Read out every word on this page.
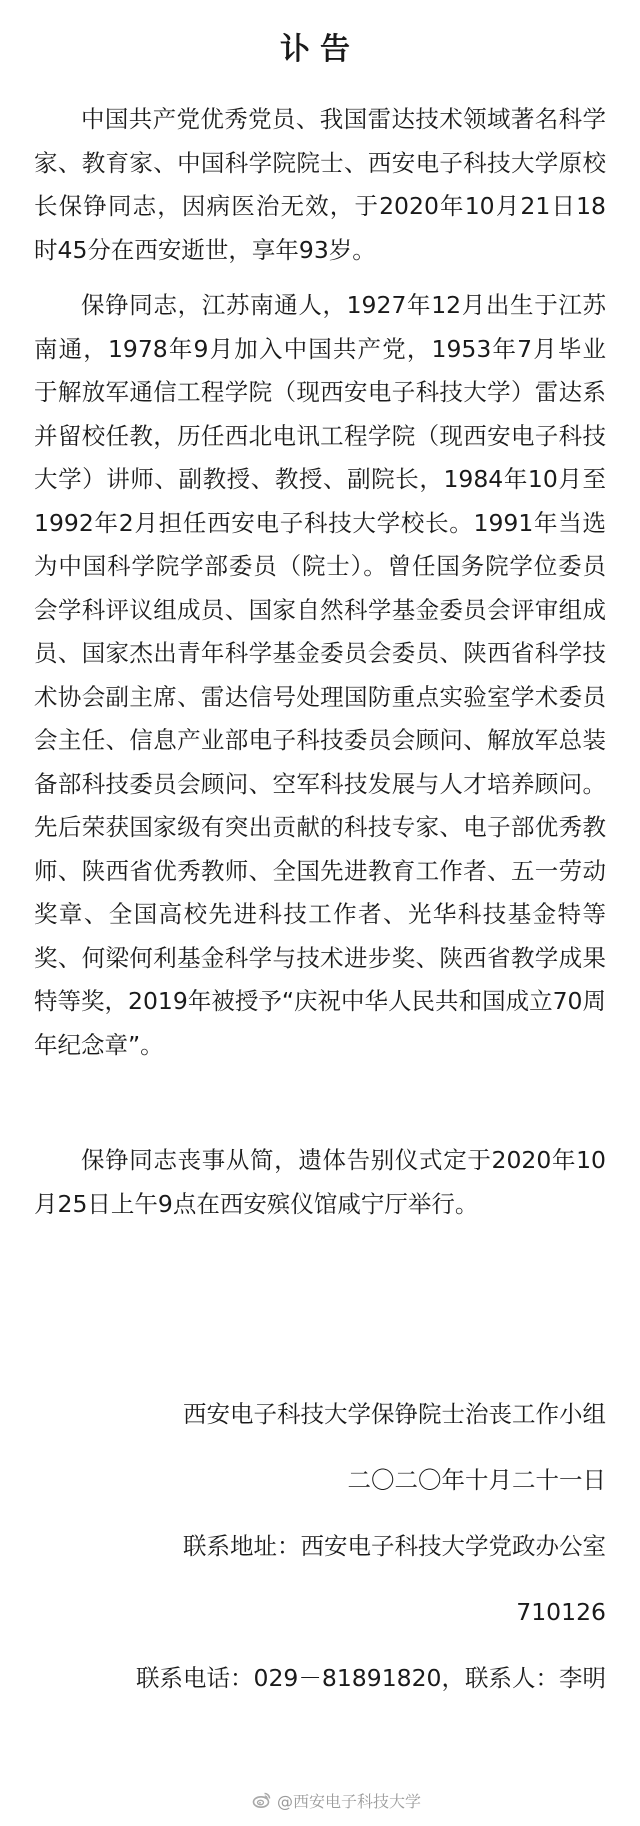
讣告

中国共产党优秀党员、我国雷达技术领域著名科学家、教育家、中国科学院院士、西安电子科技大学原校长保铮同志，因病医治无效，于2020年10月21日18时45分在西安逝世，享年93岁。

保铮同志，江苏南通人，1927年12月出生于江苏南通，1978年9月加入中国共产党，1953年7月毕业于解放军通信工程学院（现西安电子科技大学）雷达系并留校任教，历任西北电讯工程学院（现西安电子科技大学）讲师、副教授、教授、副院长，1984年10月至1992年2月担任西安电子科技大学校长。1991年当选为中国科学院学部委员（院士）。曾任国务院学位委员会学科评议组成员、国家自然科学基金委员会评审组成员、国家杰出青年科学基金委员会委员、陕西省科学技术协会副主席、雷达信号处理国防重点实验室学术委员会主任、信息产业部电子科技委员会顾问、解放军总装备部科技委员会顾问、空军科技发展与人才培养顾问。先后荣获国家级有突出贡献的科技专家、电子部优秀教师、陕西省优秀教师、全国先进教育工作者、五一劳动奖章、全国高校先进科技工作者、光华科技基金特等奖、何梁何利基金科学与技术进步奖、陕西省教学成果特等奖，2019年被授予“庆祝中华人民共和国成立70周年纪念章”。

保铮同志丧事从简，遗体告别仪式定于2020年10月25日上午9点在西安殡仪馆咸宁厅举行。

西安电子科技大学保铮院士治丧工作小组
二〇二〇年十月二十一日
联系地址：西安电子科技大学党政办公室
710126
联系电话：029－81891820，联系人：李明
@西安电子科技大学
